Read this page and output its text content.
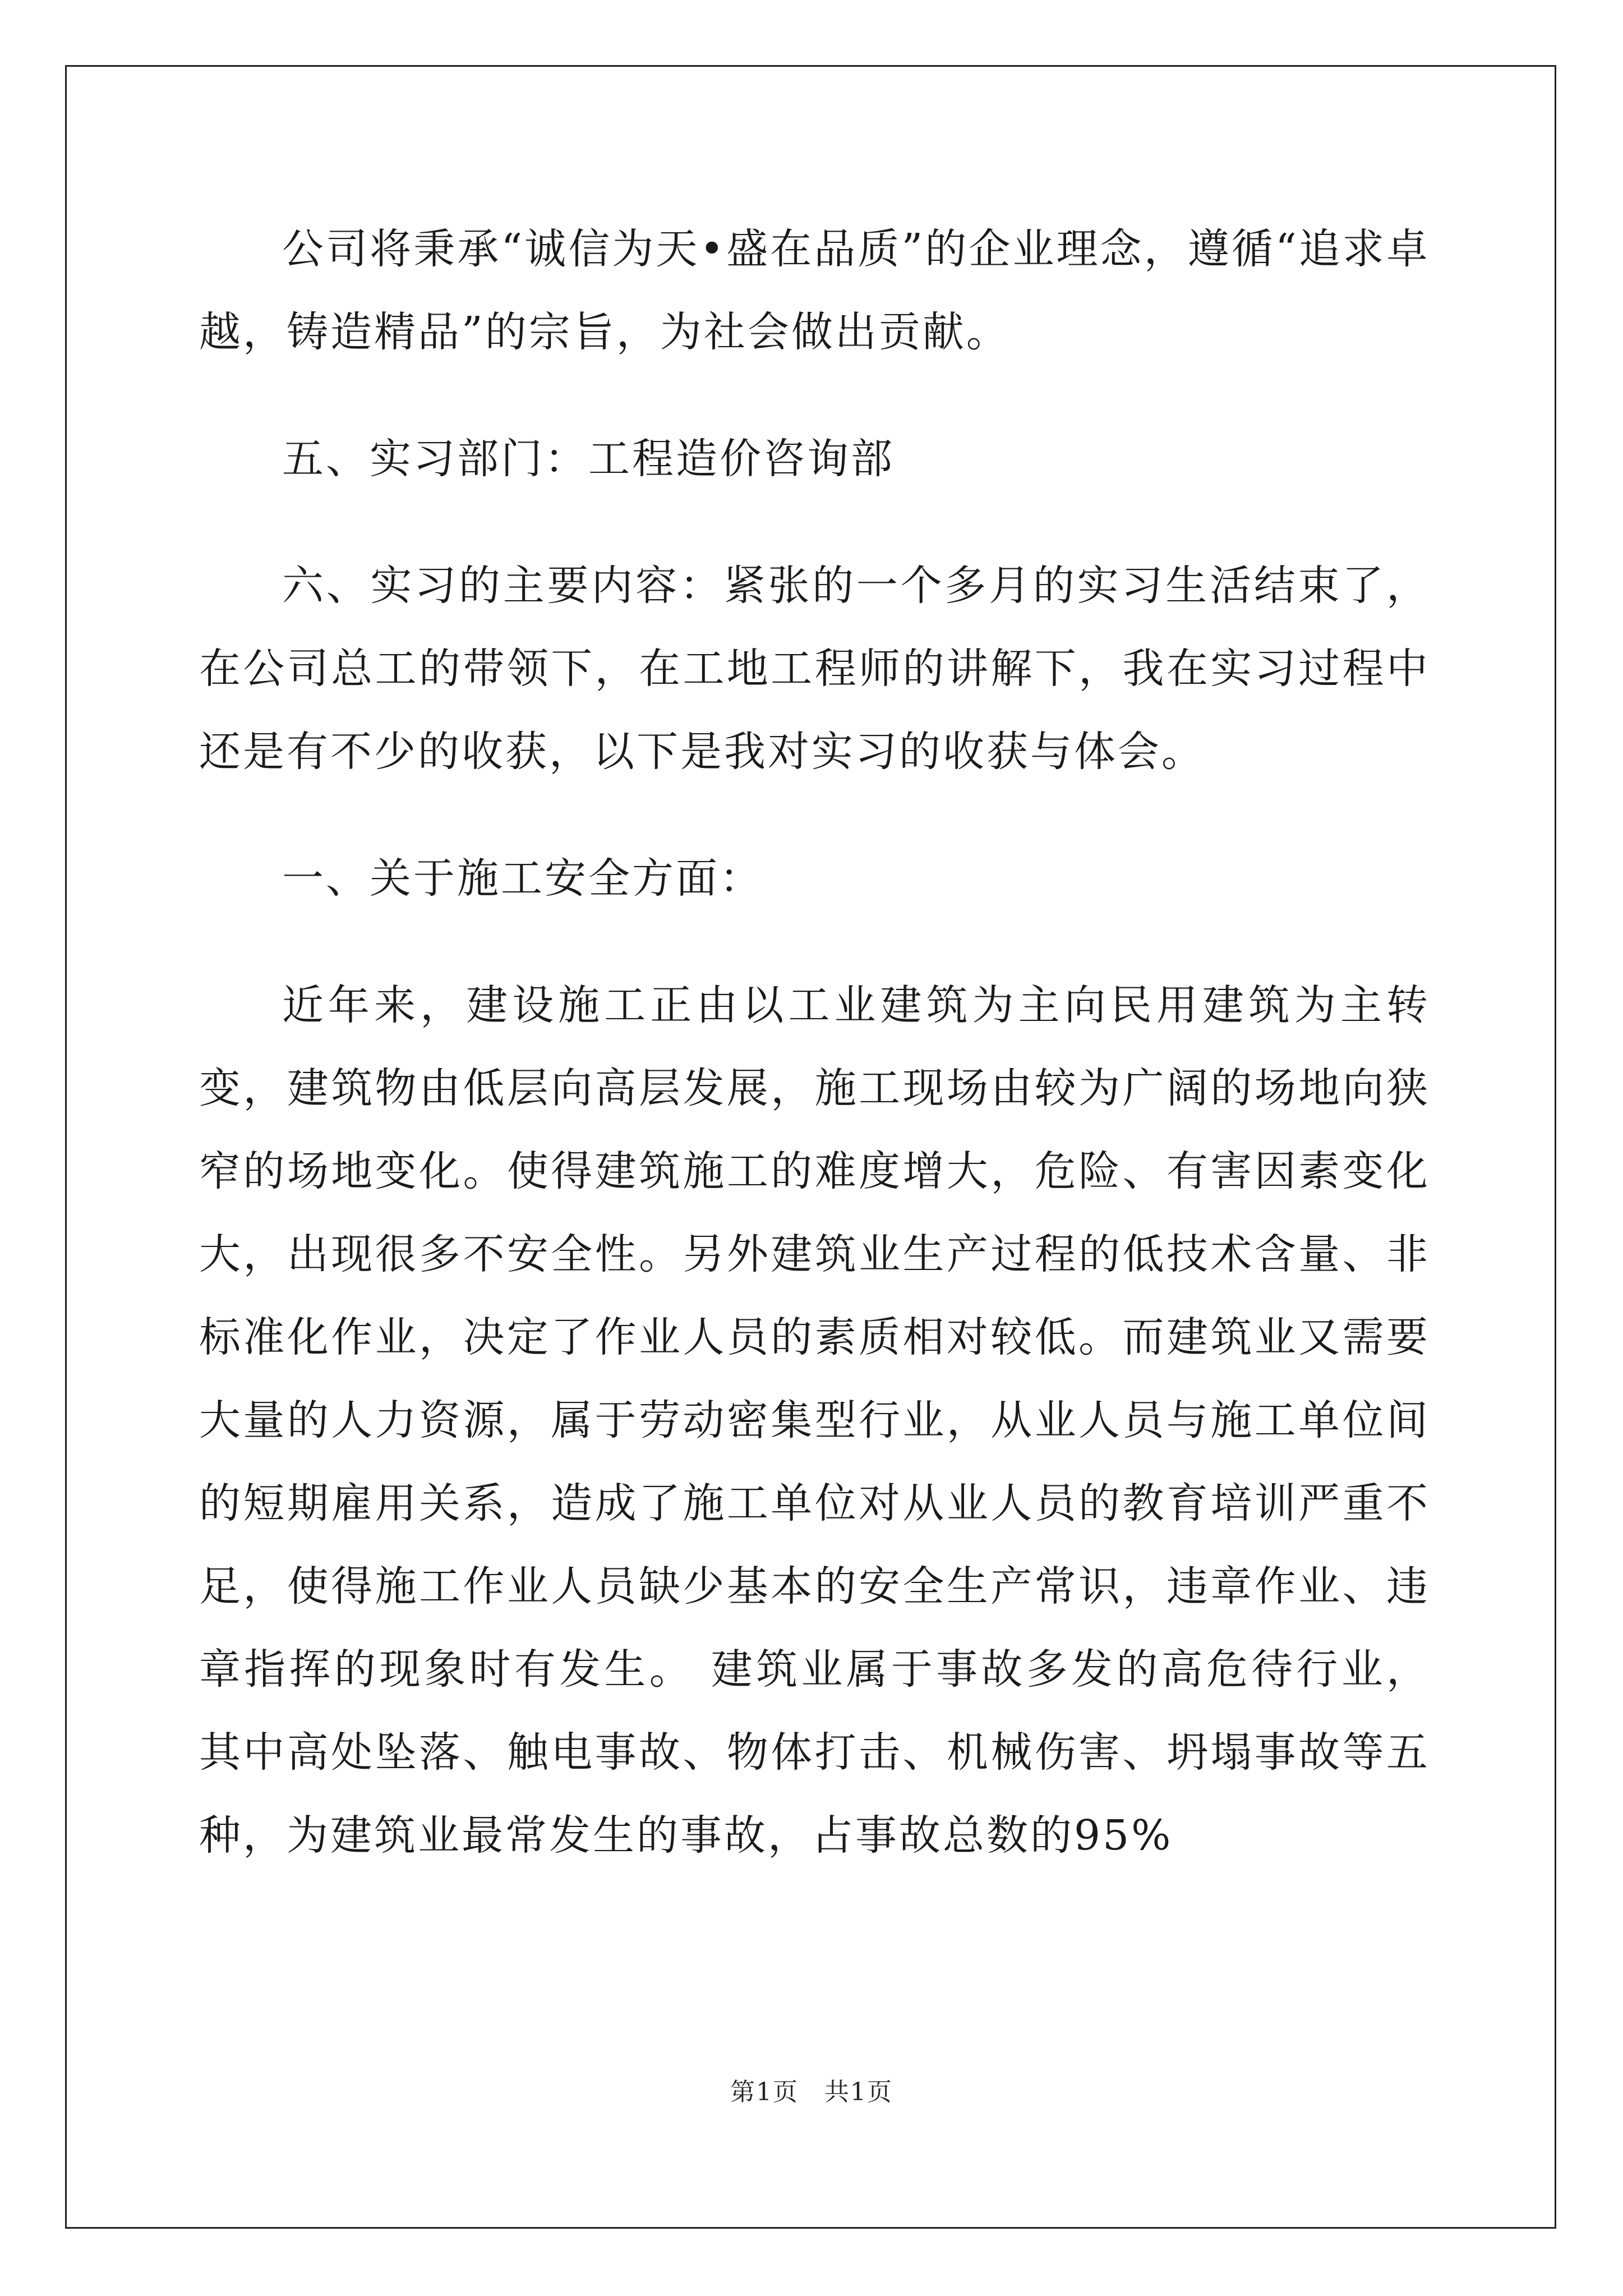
公司将秉承“诚信为天•盛在品质”的企业理念，遵循“追求卓越，铸造精品”的宗旨，为社会做出贡献。

五、实习部门：工程造价咨询部

六、实习的主要内容：紧张的一个多月的实习生活结束了，在公司总工的带领下，在工地工程师的讲解下，我在实习过程中还是有不少的收获，以下是我对实习的收获与体会。

一、关于施工安全方面：

近年来，建设施工正由以工业建筑为主向民用建筑为主转变，建筑物由低层向高层发展，施工现场由较为广阔的场地向狭窄的场地变化。使得建筑施工的难度增大，危险、有害因素变化大，出现很多不安全性。另外建筑业生产过程的低技术含量、非标准化作业，决定了作业人员的素质相对较低。而建筑业又需要大量的人力资源，属于劳动密集型行业，从业人员与施工单位间的短期雇用关系，造成了施工单位对从业人员的教育培训严重不足，使得施工作业人员缺少基本的安全生产常识，违章作业、违章指挥的现象时有发生。 建筑业属于事故多发的高危待行业，其中高处坠落、触电事故、物体打击、机械伤害、坍塌事故等五种，为建筑业最常发生的事故，占事故总数的95%

第1页　共1页
